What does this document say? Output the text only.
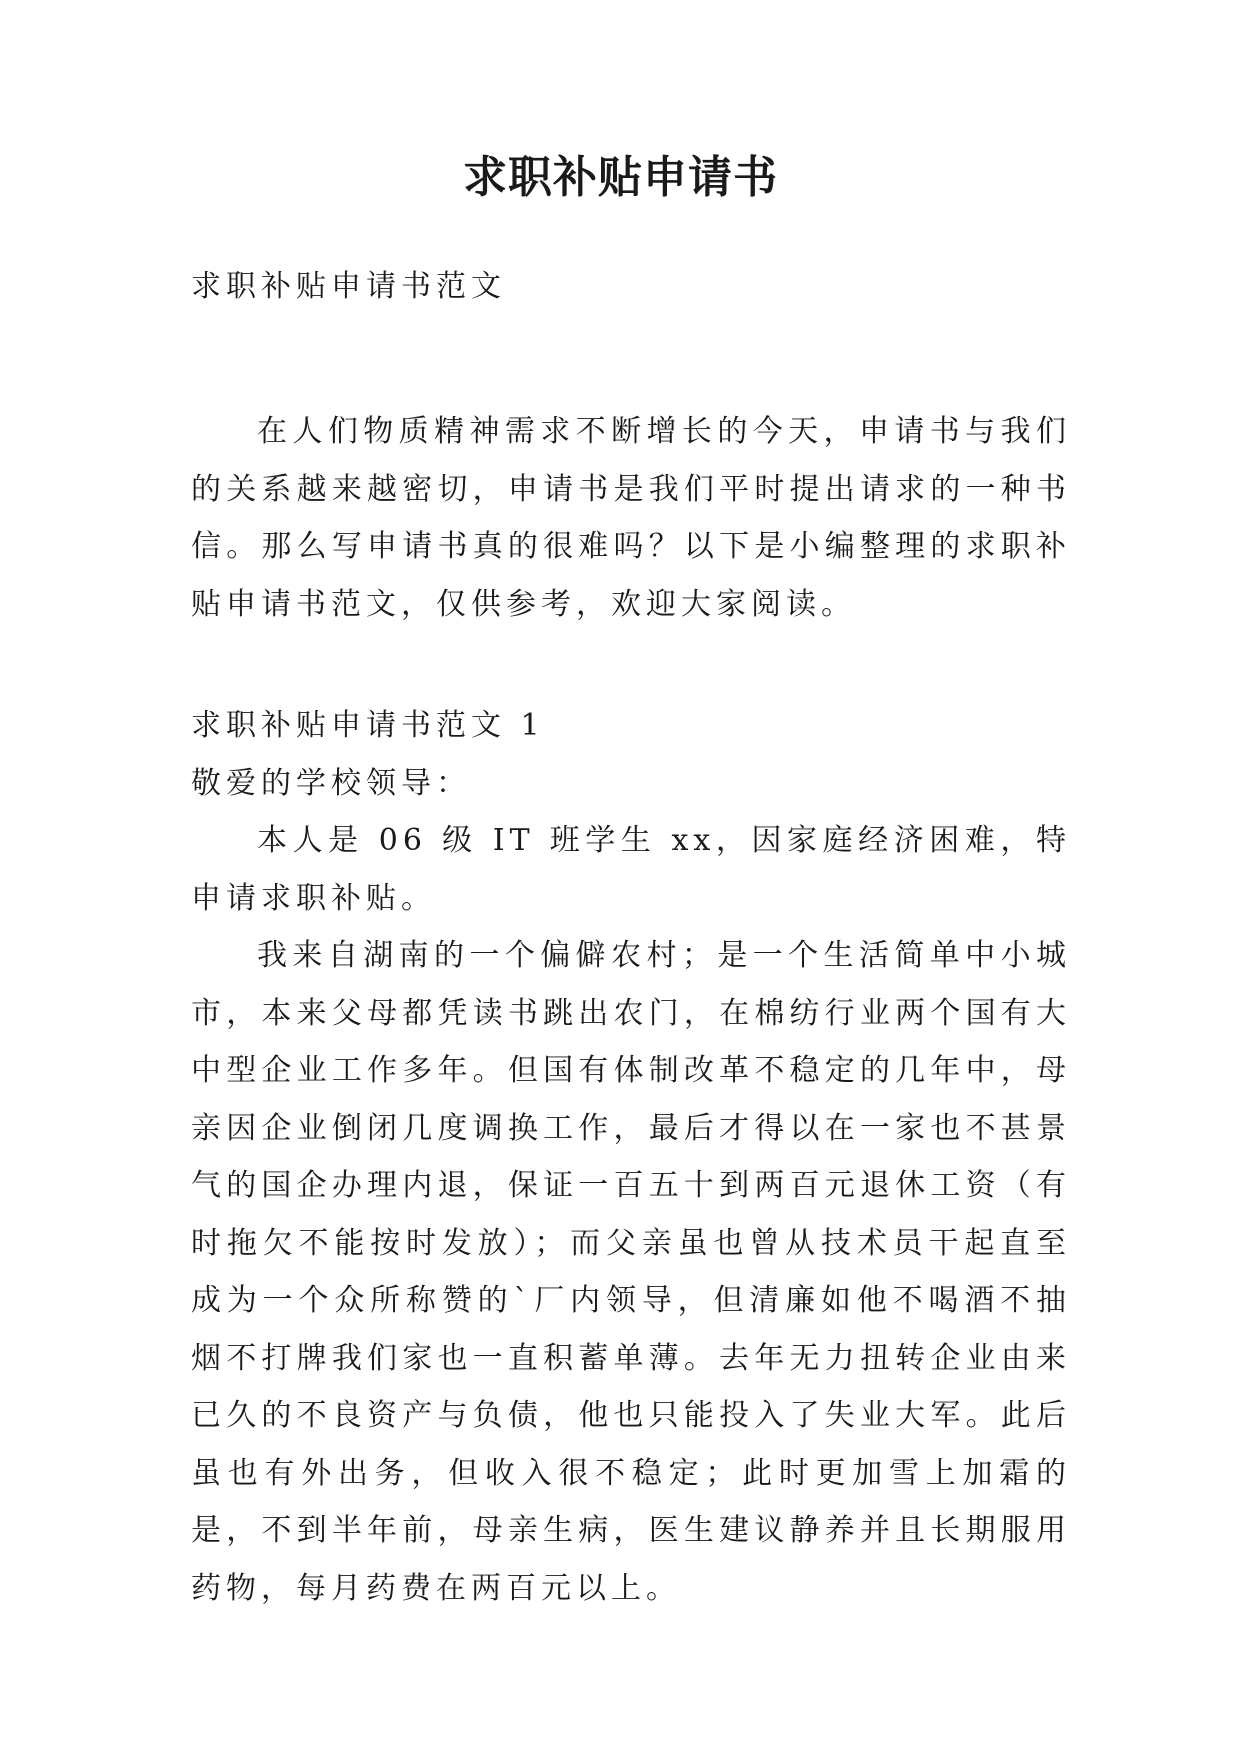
求职补贴申请书

求职补贴申请书范文

在人们物质精神需求不断增长的今天，申请书与我们的关系越来越密切，申请书是我们平时提出请求的一种书信。那么写申请书真的很难吗？以下是小编整理的求职补贴申请书范文，仅供参考，欢迎大家阅读。

求职补贴申请书范文 1

敬爱的学校领导：

本人是 06 级 IT 班学生 xx，因家庭经济困难，特申请求职补贴。

我来自湖南的一个偏僻农村；是一个生活简单中小城市，本来父母都凭读书跳出农门，在棉纺行业两个国有大中型企业工作多年。但国有体制改革不稳定的几年中，母亲因企业倒闭几度调换工作，最后才得以在一家也不甚景气的国企办理内退，保证一百五十到两百元退休工资（有时拖欠不能按时发放）；而父亲虽也曾从技术员干起直至成为一个众所称赞的`厂内领导，但清廉如他不喝酒不抽烟不打牌我们家也一直积蓄单薄。去年无力扭转企业由来已久的不良资产与负债，他也只能投入了失业大军。此后虽也有外出务，但收入很不稳定；此时更加雪上加霜的是，不到半年前，母亲生病，医生建议静养并且长期服用药物，每月药费在两百元以上。
